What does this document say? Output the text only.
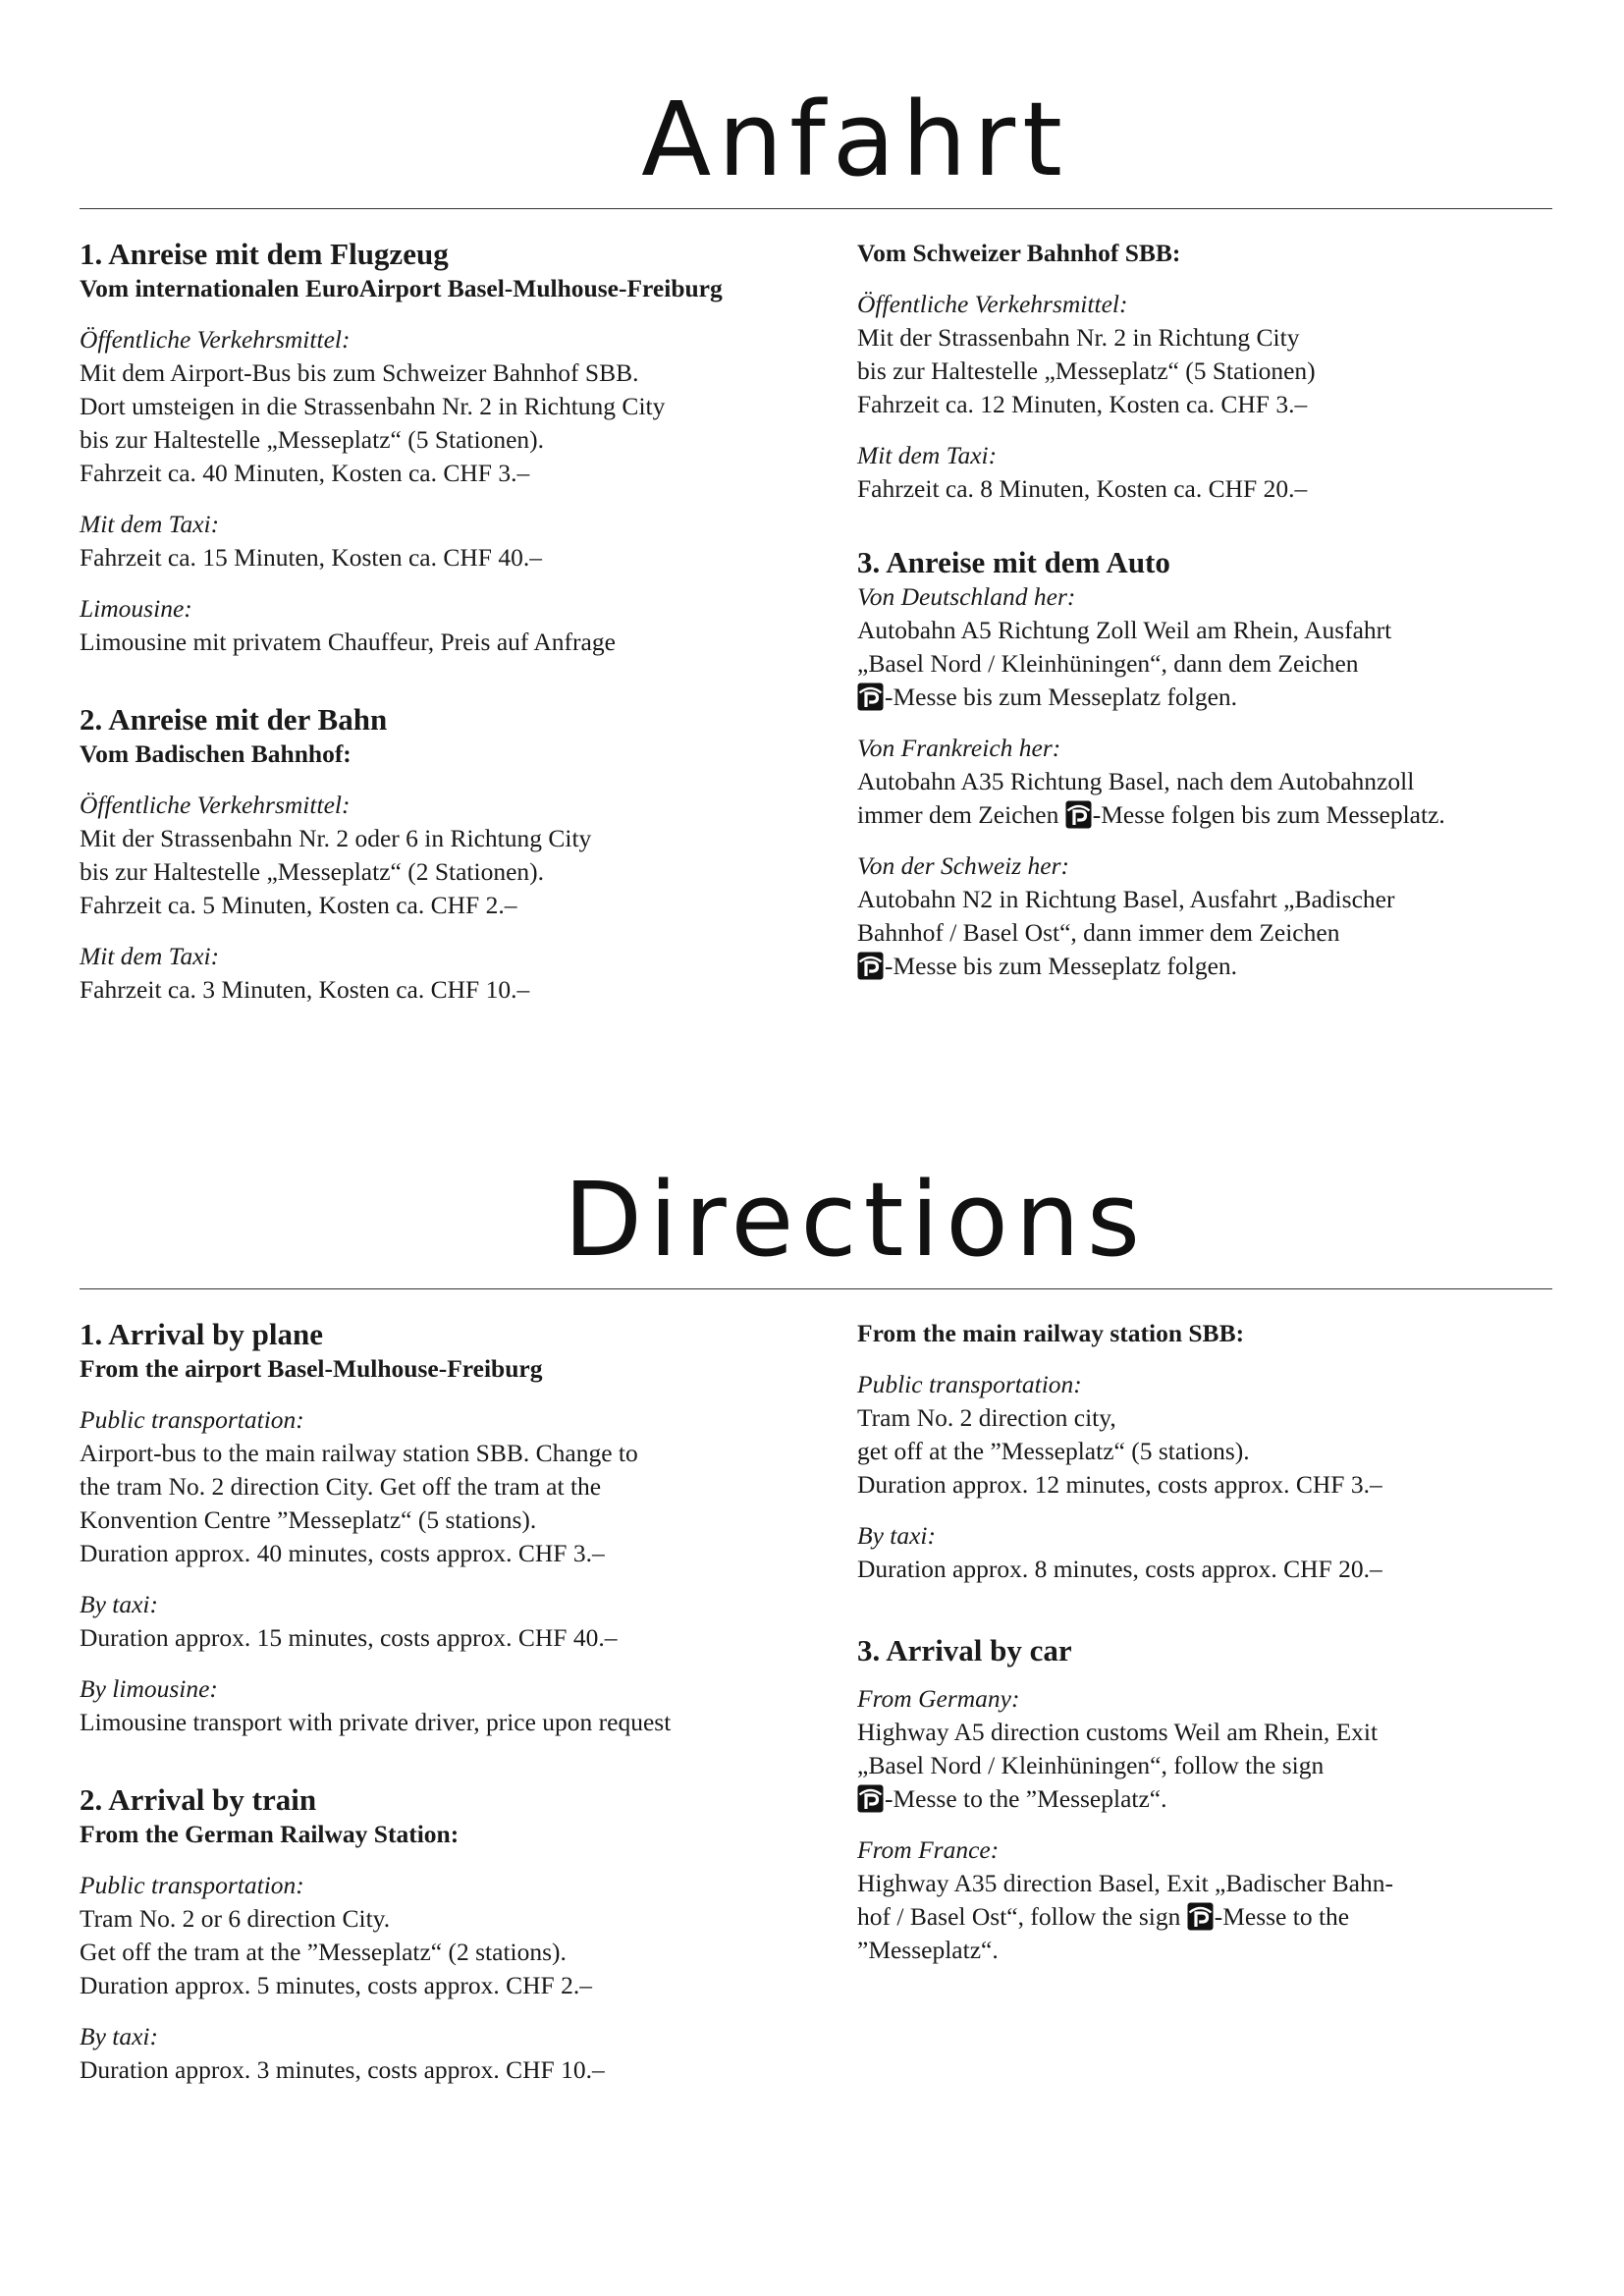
Anfahrt
1. Anreise mit dem Flugzeug

Vom internationalen EuroAirport Basel-Mulhouse-Freiburg

Öffentliche Verkehrsmittel:
Mit dem Airport-Bus bis zum Schweizer Bahnhof SBB.
Dort umsteigen in die Strassenbahn Nr. 2 in Richtung City
bis zur Haltestelle „Messeplatz“ (5 Stationen).
Fahrzeit ca. 40 Minuten, Kosten ca. CHF 3.–
Mit dem Taxi:
Fahrzeit ca. 15 Minuten, Kosten ca. CHF 40.–
Limousine:
Limousine mit privatem Chauffeur, Preis auf Anfrage
2. Anreise mit der Bahn

Vom Badischen Bahnhof:

Öffentliche Verkehrsmittel:
Mit der Strassenbahn Nr. 2 oder 6 in Richtung City
bis zur Haltestelle „Messeplatz“ (2 Stationen).
Fahrzeit ca. 5 Minuten, Kosten ca. CHF 2.–
Mit dem Taxi:
Fahrzeit ca. 3 Minuten, Kosten ca. CHF 10.–

Vom Schweizer Bahnhof SBB:

Öffentliche Verkehrsmittel:
Mit der Strassenbahn Nr. 2 in Richtung City
bis zur Haltestelle „Messeplatz“ (5 Stationen)
Fahrzeit ca. 12 Minuten, Kosten ca. CHF 3.–
Mit dem Taxi:
Fahrzeit ca. 8 Minuten, Kosten ca. CHF 20.–
3. Anreise mit dem Auto
Von Deutschland her:
Autobahn A5 Richtung Zoll Weil am Rhein, Ausfahrt
„Basel Nord / Kleinhüningen“, dann dem Zeichen
-Messe bis zum Messeplatz folgen.
Von Frankreich her:
Autobahn A35 Richtung Basel, nach dem Autobahnzoll
immer dem Zeichen -Messe folgen bis zum Messeplatz.
Von der Schweiz her:
Autobahn N2 in Richtung Basel, Ausfahrt „Badischer
Bahnhof / Basel Ost“, dann immer dem Zeichen
-Messe bis zum Messeplatz folgen.
Directions
1. Arrival by plane

From the airport Basel-Mulhouse-Freiburg

Public transportation:
Airport-bus to the main railway station SBB. Change to
the tram No. 2 direction City. Get off the tram at the
Konvention Centre ”Messeplatz“ (5 stations).
Duration approx. 40 minutes, costs approx. CHF 3.–
By taxi:
Duration approx. 15 minutes, costs approx. CHF 40.–
By limousine:
Limousine transport with private driver, price upon request
2. Arrival by train

From the German Railway Station:

Public transportation:
Tram No. 2 or 6 direction City.
Get off the tram at the ”Messeplatz“ (2 stations).
Duration approx. 5 minutes, costs approx. CHF 2.–
By taxi:
Duration approx. 3 minutes, costs approx. CHF 10.–

From the main railway station SBB:

Public transportation:
Tram No. 2 direction city,
get off at the ”Messeplatz“ (5 stations).
Duration approx. 12 minutes, costs approx. CHF 3.–
By taxi:
Duration approx. 8 minutes, costs approx. CHF 20.–
3. Arrival by car
From Germany:
Highway A5 direction customs Weil am Rhein, Exit
„Basel Nord / Kleinhüningen“, follow the sign
-Messe to the ”Messeplatz“.
From France:
Highway A35 direction Basel, Exit „Badischer Bahn-
hof / Basel Ost“, follow the sign -Messe to the
”Messeplatz“.
